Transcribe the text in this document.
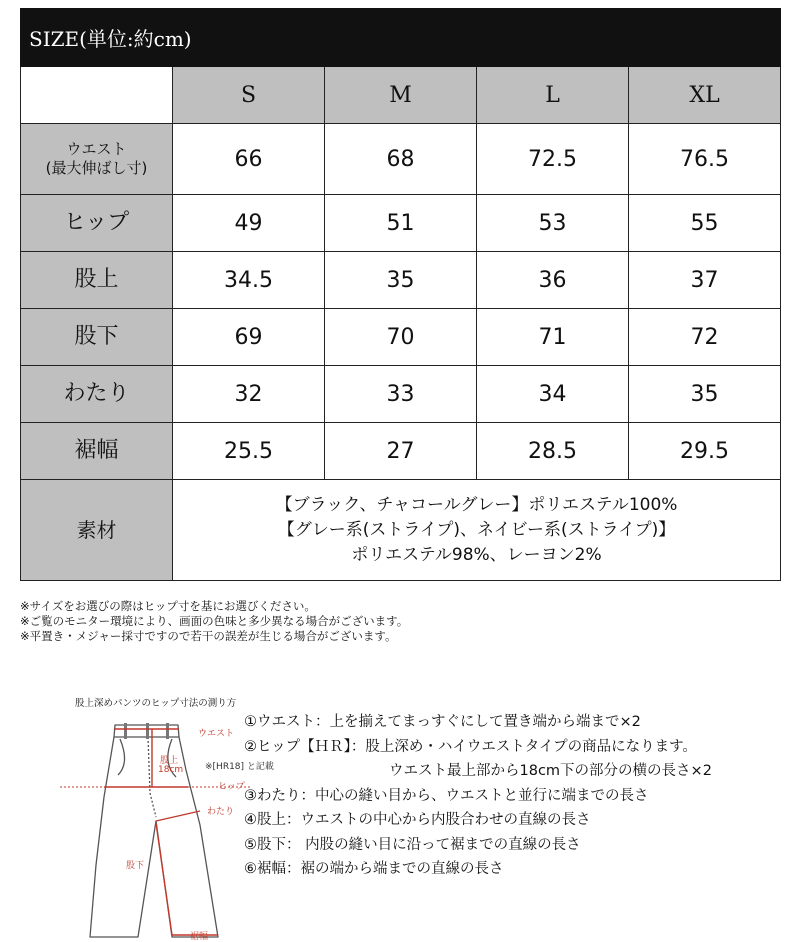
SIZE(単位:約cm)				
	S	M	L	XL

ウエスト
(最大伸ばし寸)	66	68	72.5	76.5
ヒップ	49	51	53	55
股上	34.5	35	36	37
股下	69	70	71	72
わたり	32	33	34	35
裾幅	25.5	27	28.5	29.5
素材	【ブラック、チャコールグレー】ポリエステル100%
【グレー系(ストライプ)、ネイビー系(ストライプ)】
ポリエステル98%、レーヨン2%			
※サイズをお選びの際はヒップ寸を基にお選びください。
※ご覧のモニター環境により、画面の色味と多少異なる場合がございます。
※平置き・メジャー採寸ですので若干の誤差が生じる場合がございます。
股上深めパンツのヒップ寸法の測り方
ウエスト
股上
18cm ※[HR18] と記載
ヒップ
わたり
股下
裾幅
①ウエスト：上を揃えてまっすぐにして置き端から端まで×2
②ヒップ【ＨＲ】：股上深め・ハイウエストタイプの商品になります。
ウエスト最上部から18cm下の部分の横の長さ×2
③わたり：中心の縫い目から、ウエストと並行に端までの長さ
④股上：ウエストの中心から内股合わせの直線の長さ
⑤股下： 内股の縫い目に沿って裾までの直線の長さ
⑥裾幅：裾の端から端までの直線の長さ
